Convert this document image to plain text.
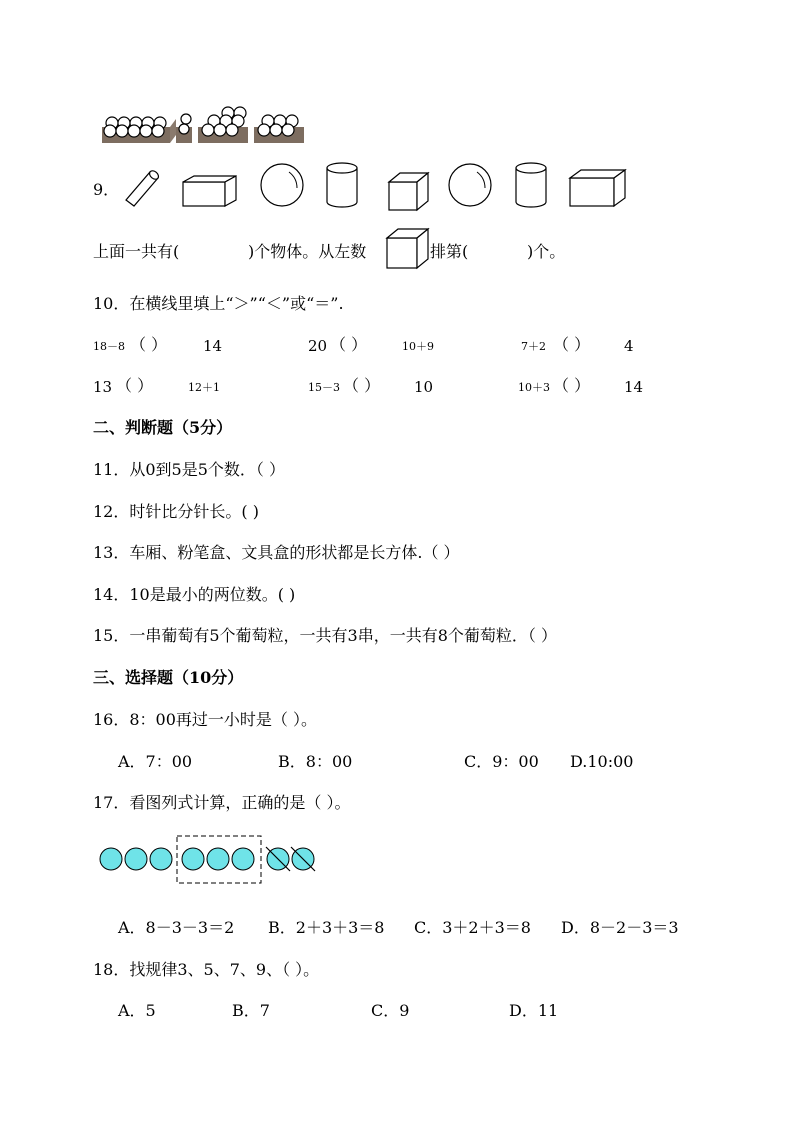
9．
上面一共有(	)个物体。从左数	排第(	)个。
10．在横线里填上“＞”“＜”或“＝”.
18－8 （ ） 14	20 （ ）	10＋9	7＋2 （ ） 4
13 （ ）	12＋1	15－3 （ ） 10	10＋3 （ ） 14
二、判断题（5分）
11．从0到5是5个数．（ ）
12．时针比分针长。( )
13．车厢、粉笔盒、文具盒的形状都是长方体.（ ）
14．10是最小的两位数。( )
15．一串葡萄有5个葡萄粒，一共有3串，一共有8个葡萄粒．（ ）
三、选择题（10分）
16．8：00再过一小时是（ ）。
A．7：00	B．8：00	C．9：00 D.10:00
17．看图列式计算，正确的是（ ）。
A．8－3－3＝2 B．2＋3＋3＝8 C．3＋2＋3＝8 D．8－2－3＝3
18．找规律3、5、7、9、（ ）。
A．5	B．7	C．9	D．11
